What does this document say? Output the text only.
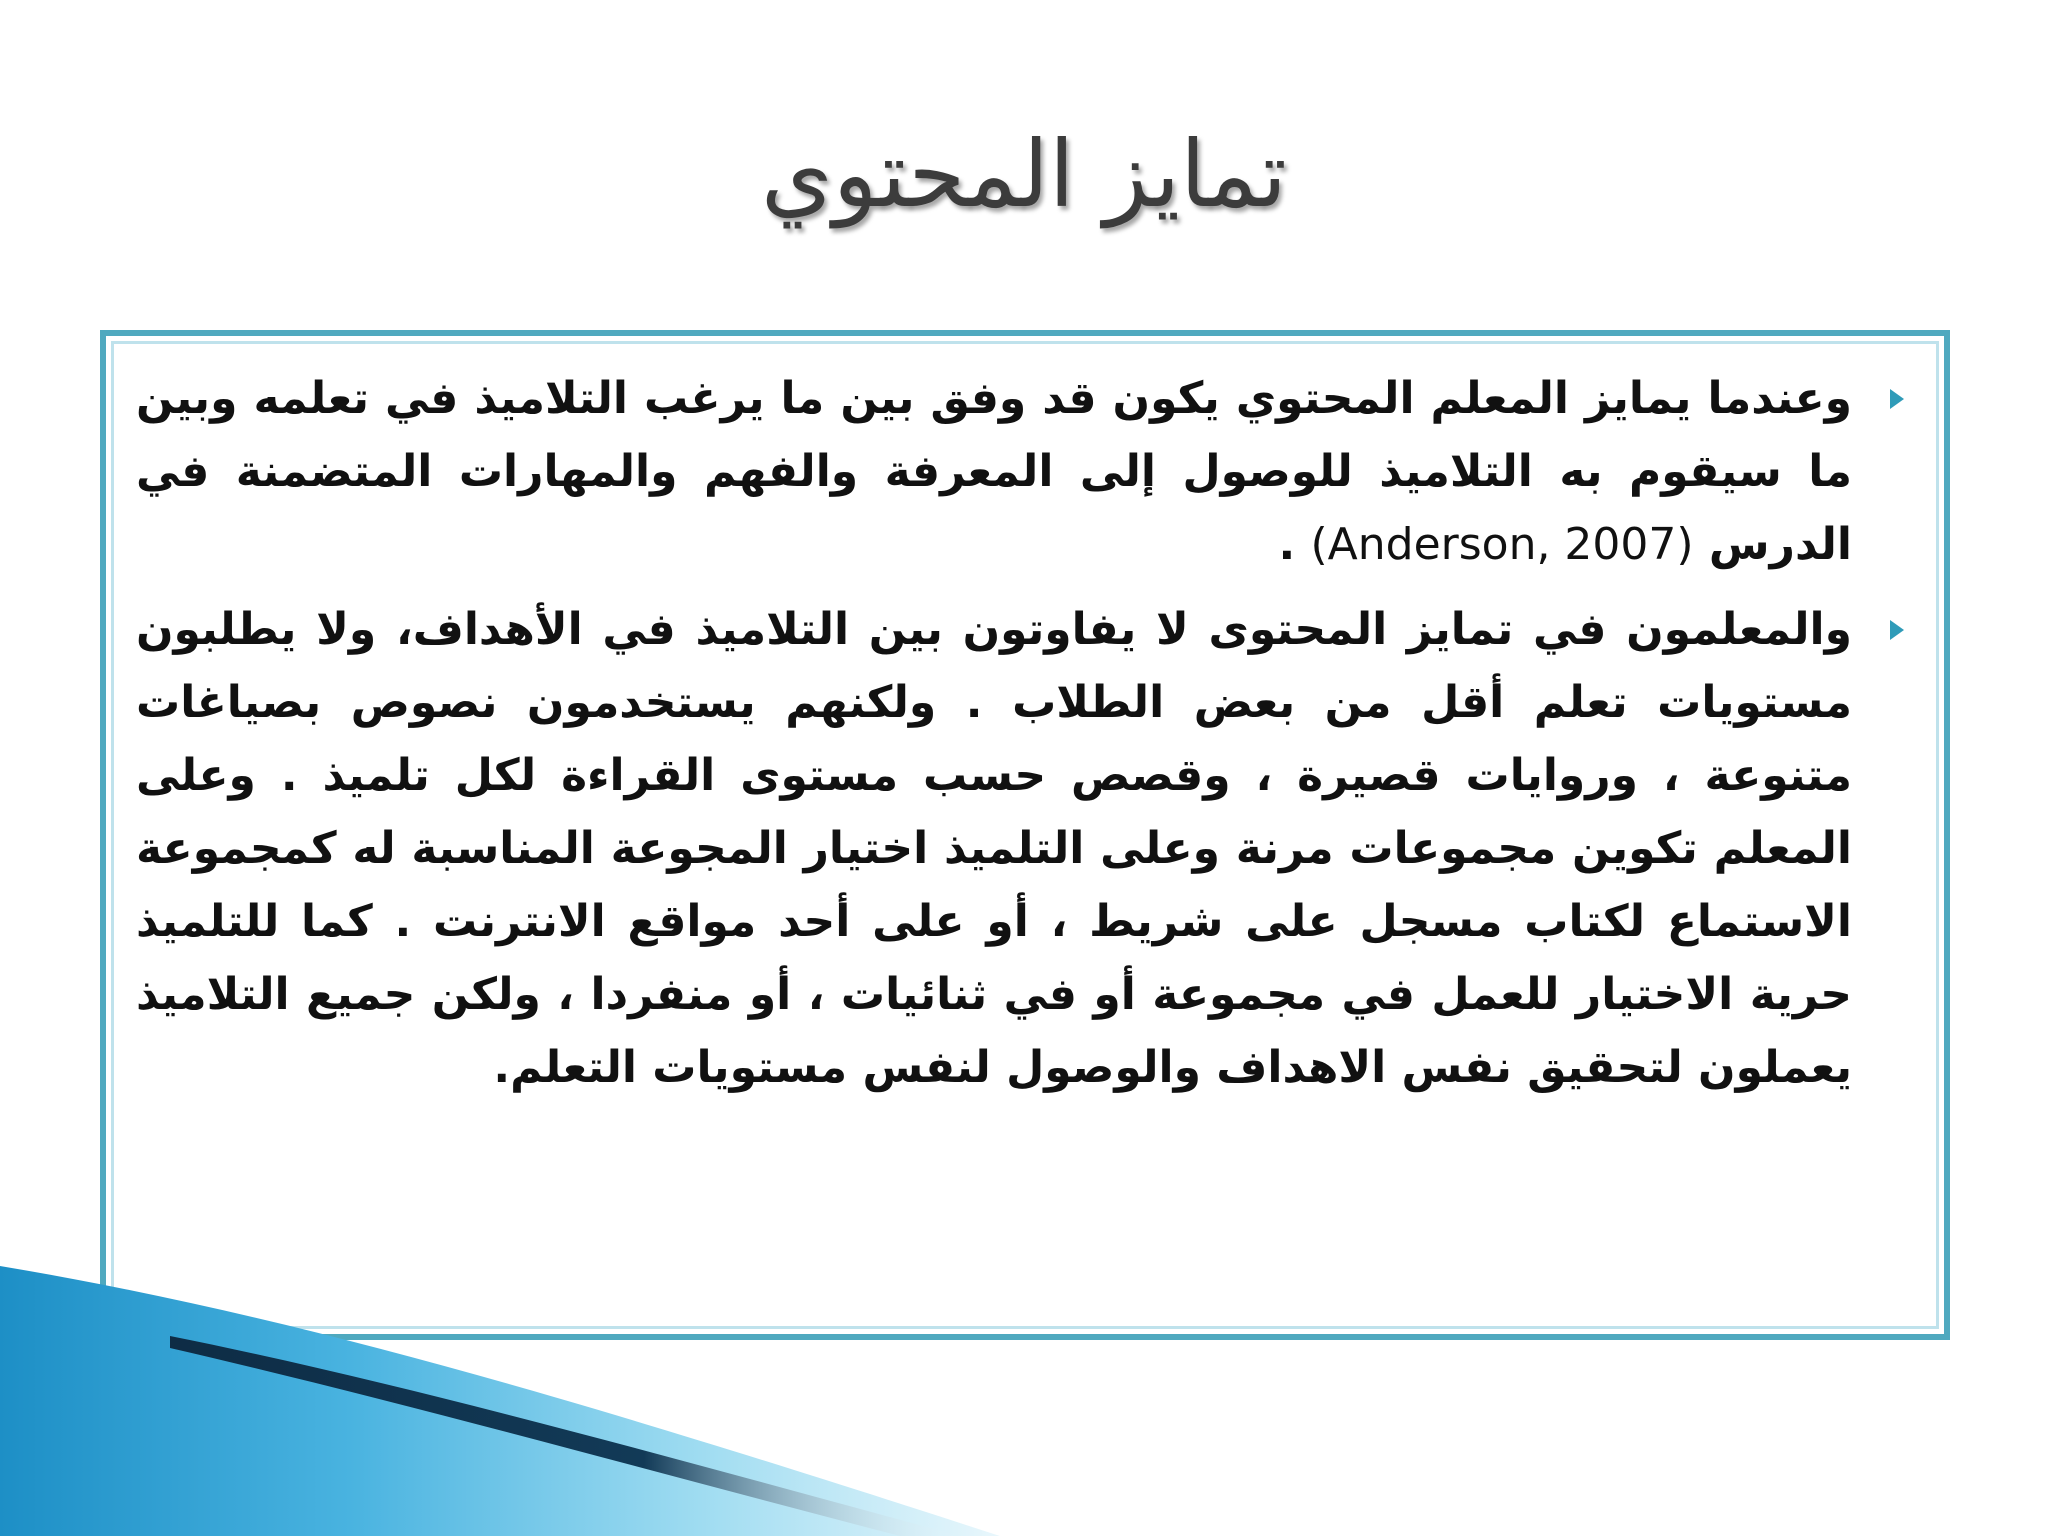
تمايز المحتوي
وعندما يمايز المعلم المحتوي يكون قد وفق بين ما يرغب التلاميذ في تعلمه وبين ما سيقوم به التلاميذ للوصول إلى المعرفة والفهم والمهارات المتضمنة في الدرس (Anderson, 2007) .
والمعلمون في تمايز المحتوى لا يفاوتون بين التلاميذ في الأهداف، ولا يطلبون مستويات تعلم أقل من بعض الطلاب . ولكنهم يستخدمون نصوص بصياغات متنوعة ، وروايات قصيرة ، وقصص حسب مستوى القراءة لكل تلميذ . وعلى المعلم تكوين مجموعات مرنة وعلى التلميذ اختيار المجوعة المناسبة له كمجموعة الاستماع لكتاب مسجل على شريط ، أو على أحد مواقع الانترنت . كما للتلميذ حرية الاختيار للعمل في مجموعة أو في ثنائيات ، أو منفردا ، ولكن جميع التلاميذ يعملون لتحقيق نفس الاهداف والوصول لنفس مستويات التعلم.
